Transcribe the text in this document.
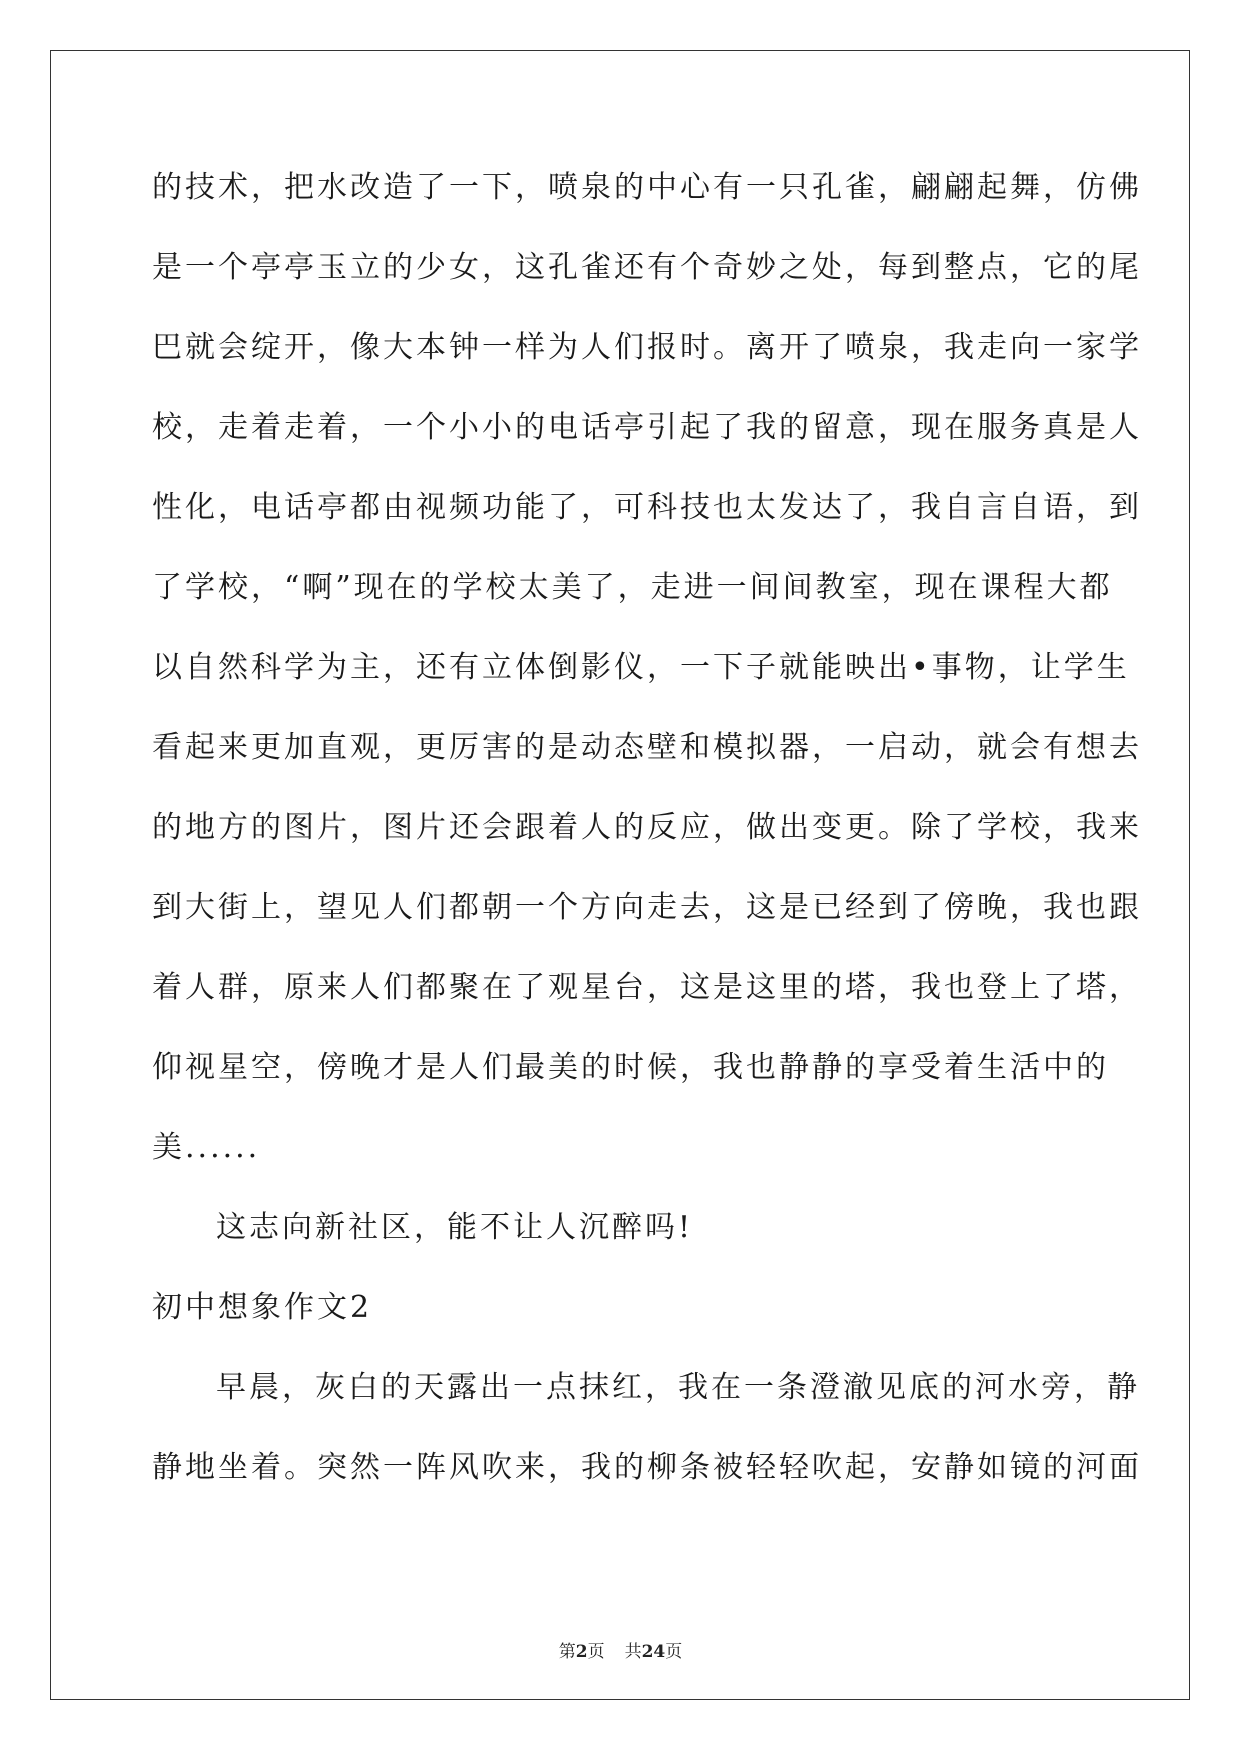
的技术，把水改造了一下，喷泉的中心有一只孔雀，翩翩起舞，仿佛
是一个亭亭玉立的少女，这孔雀还有个奇妙之处，每到整点，它的尾
巴就会绽开，像大本钟一样为人们报时。离开了喷泉，我走向一家学
校，走着走着，一个小小的电话亭引起了我的留意，现在服务真是人
性化，电话亭都由视频功能了，可科技也太发达了，我自言自语，到
了学校，“啊”现在的学校太美了，走进一间间教室，现在课程大都
以自然科学为主，还有立体倒影仪，一下子就能映出•事物，让学生
看起来更加直观，更厉害的是动态壁和模拟器，一启动，就会有想去
的地方的图片，图片还会跟着人的反应，做出变更。除了学校，我来
到大街上，望见人们都朝一个方向走去，这是已经到了傍晚，我也跟
着人群，原来人们都聚在了观星台，这是这里的塔，我也登上了塔，
仰视星空，傍晚才是人们最美的时候，我也静静的享受着生活中的
美......
这志向新社区，能不让人沉醉吗!
初中想象作文2
早晨，灰白的天露出一点抹红，我在一条澄澈见底的河水旁，静
静地坐着。突然一阵风吹来，我的柳条被轻轻吹起，安静如镜的河面
第2页 共24页
